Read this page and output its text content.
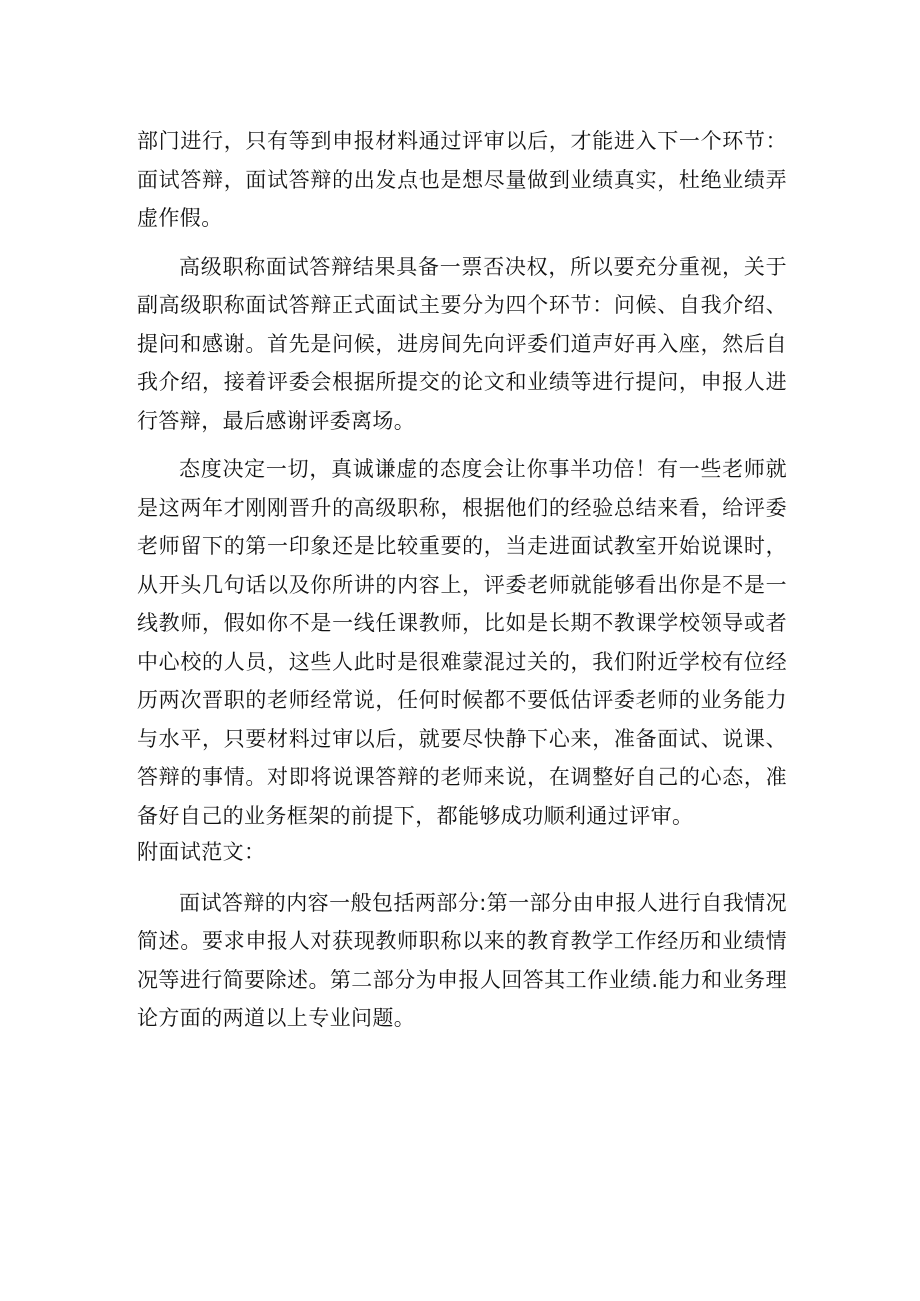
部门进行，只有等到申报材料通过评审以后，才能进入下一个环节：面试答辩，面试答辩的出发点也是想尽量做到业绩真实，杜绝业绩弄虚作假。

高级职称面试答辩结果具备一票否决权，所以要充分重视，关于副高级职称面试答辩正式面试主要分为四个环节：问候、自我介绍、提问和感谢。首先是问候，进房间先向评委们道声好再入座，然后自我介绍，接着评委会根据所提交的论文和业绩等进行提问，申报人进行答辩，最后感谢评委离场。

态度决定一切，真诚谦虚的态度会让你事半功倍！有一些老师就是这两年才刚刚晋升的高级职称，根据他们的经验总结来看，给评委老师留下的第一印象还是比较重要的，当走进面试教室开始说课时，从开头几句话以及你所讲的内容上，评委老师就能够看出你是不是一线教师，假如你不是一线任课教师，比如是长期不教课学校领导或者中心校的人员，这些人此时是很难蒙混过关的，我们附近学校有位经历两次晋职的老师经常说，任何时候都不要低估评委老师的业务能力与水平，只要材料过审以后，就要尽快静下心来，准备面试、说课、答辩的事情。对即将说课答辩的老师来说，在调整好自己的心态，准备好自己的业务框架的前提下，都能够成功顺利通过评审。

附面试范文：

面试答辩的内容一般包括两部分:第一部分由申报人进行自我情况简述。要求申报人对获现教师职称以来的教育教学工作经历和业绩情况等进行简要除述。第二部分为申报人回答其工作业绩.能力和业务理论方面的两道以上专业问题。
